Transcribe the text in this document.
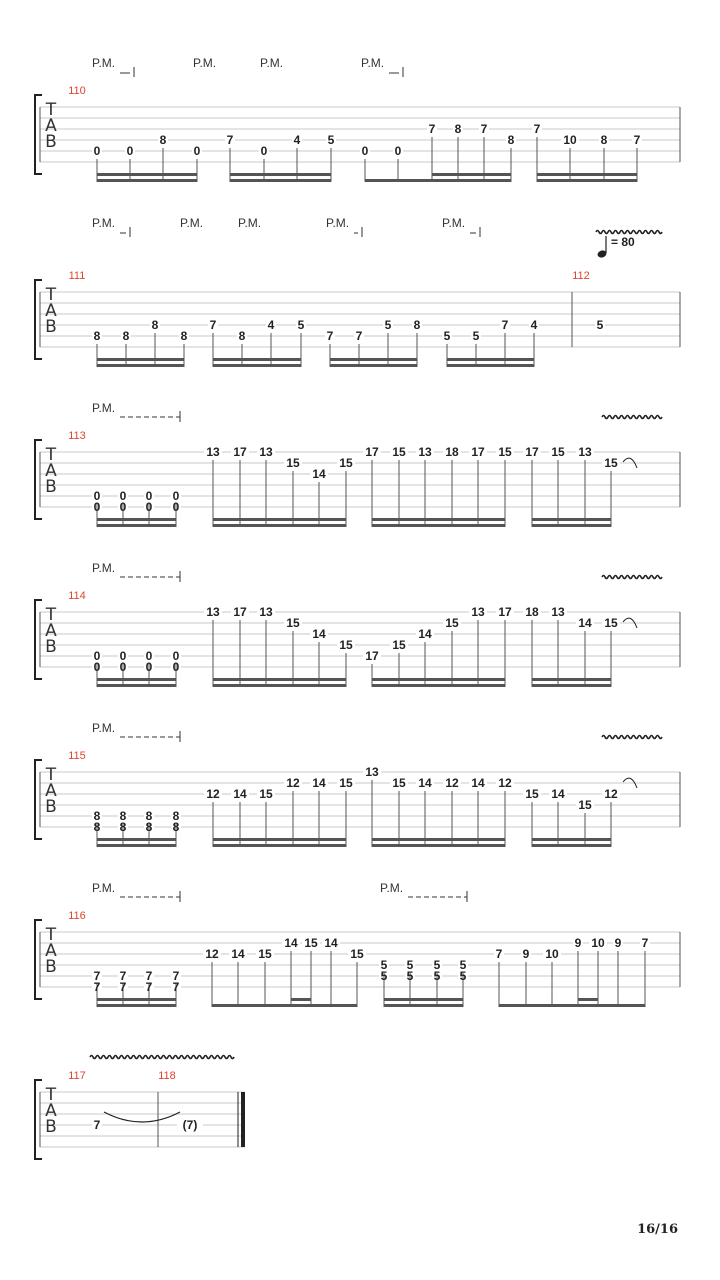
T
A
B
P.M.	P.M.	P.M.	P.M.
110
0 0
8
0
7
0
4 5
0 0
7 8 7
8
7
10 8 7
T
A
B
P.M.	P.M.	P.M.	P.M.	P.M.
111
8 8
8
8
7
8
4 5
7 7
5 8
5 5
7 4
112
5
T
A
B
P.M.
113
0
0
0
0
0
0
0
0
13 17 13
15
14
15
17 15 13 18 17 15 17 15 13
15
T
A
B
P.M.
114
0
0
0
0
0
0
0
0
13 17 13
15
14
15
17
15
14
15
13 17 18 13
14 15
T
A
B
P.M.
115
8
8
8
8
8
8
8
8
12 14 15
12 14 15
13
15 14 12 14 12
15 14
15
12
T
A
B
P.M.	P.M.
116
7
7
7
7
7
7
7
7
12 14 15
14 15 14
15
5
5
5
5
5
5
5
5
7 9 10
9 10 9 7
T
A
B
117
7
118
(7)
= 80
16/16
